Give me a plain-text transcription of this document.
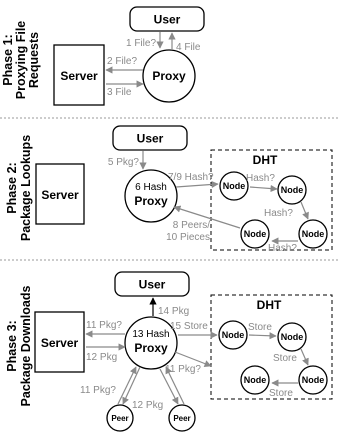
Phase 1: Proxying File Requests
User
Server	Proxy
1 File? 4 File
2 File?
3 File
Phase 2: Package Lookups	User
Server
6 Hash
Proxy
5 Pkg?	DHT
Node	Node
Node	Node
7/9 Hash?	Hash?
Hash?
Hash?
8 Peers/
10 Pieces
Phase 3: Package Downloads
User
Server
13 Hash
Proxy
14 Pkg
11 Pkg?
12 Pkg
DHT
Node	Node
Node	Node
15 Store	Store
Store
Store
11 Pkg?
Peer	Peer
11 Pkg?
12 Pkg
